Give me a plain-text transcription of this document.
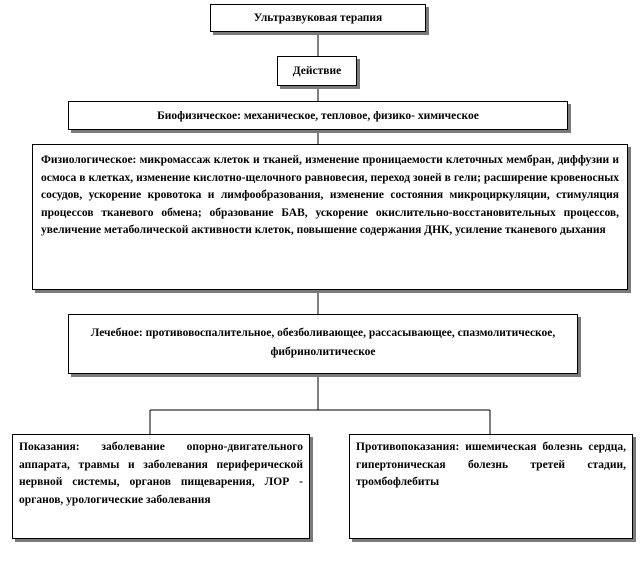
Ультразвуковая терапия
Действие
Биофизическое: механическое, тепловое, физико- химическое
Физиологическое: микромассаж клеток и тканей, изменение проницаемости клеточных мембран, диффузии и осмоса в клетках, изменение кислотно-щелочного равновесия, переход зоней в гели; расширение кровеносных сосудов, ускорение кровотока и лимфообразования, изменение состояния микроциркуляции, стимуляция процессов тканевого обмена; образование БАВ, ускорение окислительно-восстановительных процессов, увеличение метаболической активности клеток, повышение содержания ДНК, усиление тканевого дыхания
Лечебное: противовоспалительное, обезболивающее, рассасывающее, спазмолитическое, фибринолитическое
Показания: заболевание опорно-двигательного аппарата, травмы и заболевания периферической нервной системы, органов пищеварения, ЛОР - органов, урологические заболевания
Противопоказания: ишемическая болезнь сердца, гипертоническая болезнь третей стадии, тромбофлебиты
